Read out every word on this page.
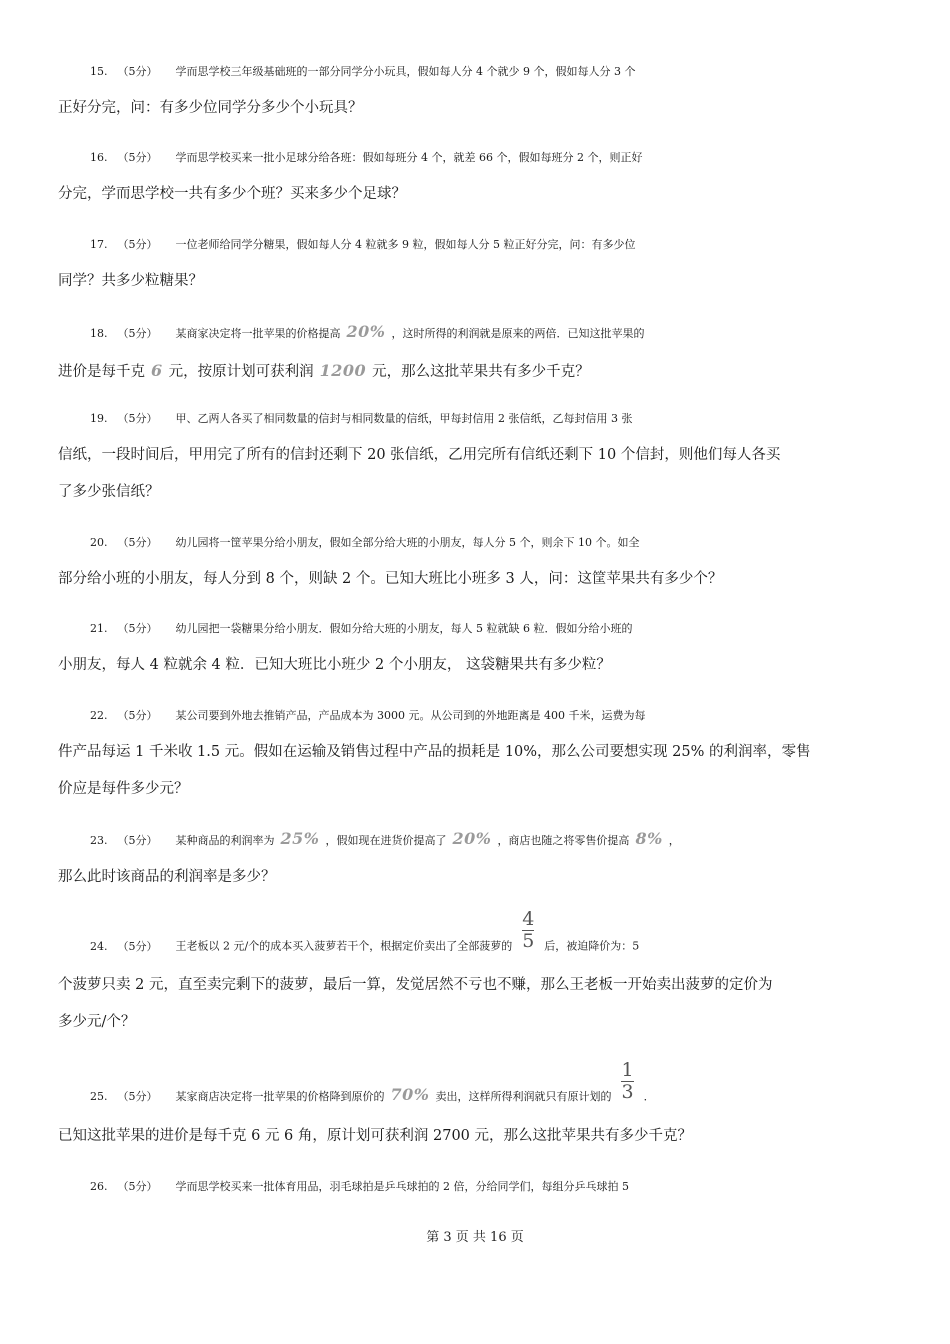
15. （5分） 学而思学校三年级基础班的一部分同学分小玩具，假如每人分 4 个就少 9 个，假如每人分 3 个
正好分完，问：有多少位同学分多少个小玩具？
16. （5分） 学而思学校买来一批小足球分给各班：假如每班分 4 个，就差 66 个，假如每班分 2 个，则正好
分完，学而思学校一共有多少个班？买来多少个足球？
17. （5分） 一位老师给同学分糖果，假如每人分 4 粒就多 9 粒，假如每人分 5 粒正好分完，问：有多少位
同学？共多少粒糖果？
18. （5分） 某商家决定将一批苹果的价格提高 20% ，这时所得的利润就是原来的两倍．已知这批苹果的
进价是每千克 6 元，按原计划可获利润 1200 元，那么这批苹果共有多少千克？
19. （5分） 甲、乙两人各买了相同数量的信封与相同数量的信纸，甲每封信用 2 张信纸，乙每封信用 3 张
信纸，一段时间后，甲用完了所有的信封还剩下 20 张信纸，乙用完所有信纸还剩下 10 个信封，则他们每人各买
了多少张信纸？
20. （5分） 幼儿园将一筐苹果分给小朋友，假如全部分给大班的小朋友，每人分 5 个，则余下 10 个。如全
部分给小班的小朋友，每人分到 8 个，则缺 2 个。已知大班比小班多 3 人，问：这筐苹果共有多少个？
21. （5分） 幼儿园把一袋糖果分给小朋友．假如分给大班的小朋友，每人 5 粒就缺 6 粒．假如分给小班的
小朋友，每人 4 粒就余 4 粒．已知大班比小班少 2 个小朋友， 这袋糖果共有多少粒？
22. （5分） 某公司要到外地去推销产品，产品成本为 3000 元。从公司到的外地距离是 400 千米，运费为每
件产品每运 1 千米收 1.5 元。假如在运输及销售过程中产品的损耗是 10%，那么公司要想实现 25% 的利润率，零售
价应是每件多少元？
23. （5分） 某种商品的利润率为 25% ，假如现在进货价提高了 20% ，商店也随之将零售价提高 8% ，
那么此时该商品的利润率是多少？
24. （5分） 王老板以 2 元/个的成本买入菠萝若干个，根据定价卖出了全部菠萝的 $\frac{4}{5}$ 后，被迫降价为：5
个菠萝只卖 2 元，直至卖完剩下的菠萝，最后一算，发觉居然不亏也不赚，那么王老板一开始卖出菠萝的定价为
多少元/个？
25. （5分） 某家商店决定将一批苹果的价格降到原价的 70% 卖出，这样所得利润就只有原计划的 $\frac{1}{3}$ ．
已知这批苹果的进价是每千克 6 元 6 角，原计划可获利润 2700 元，那么这批苹果共有多少千克？
26. （5分） 学而思学校买来一批体育用品，羽毛球拍是乒乓球拍的 2 倍，分给同学们，每组分乒乓球拍 5
第 3 页 共 16 页
